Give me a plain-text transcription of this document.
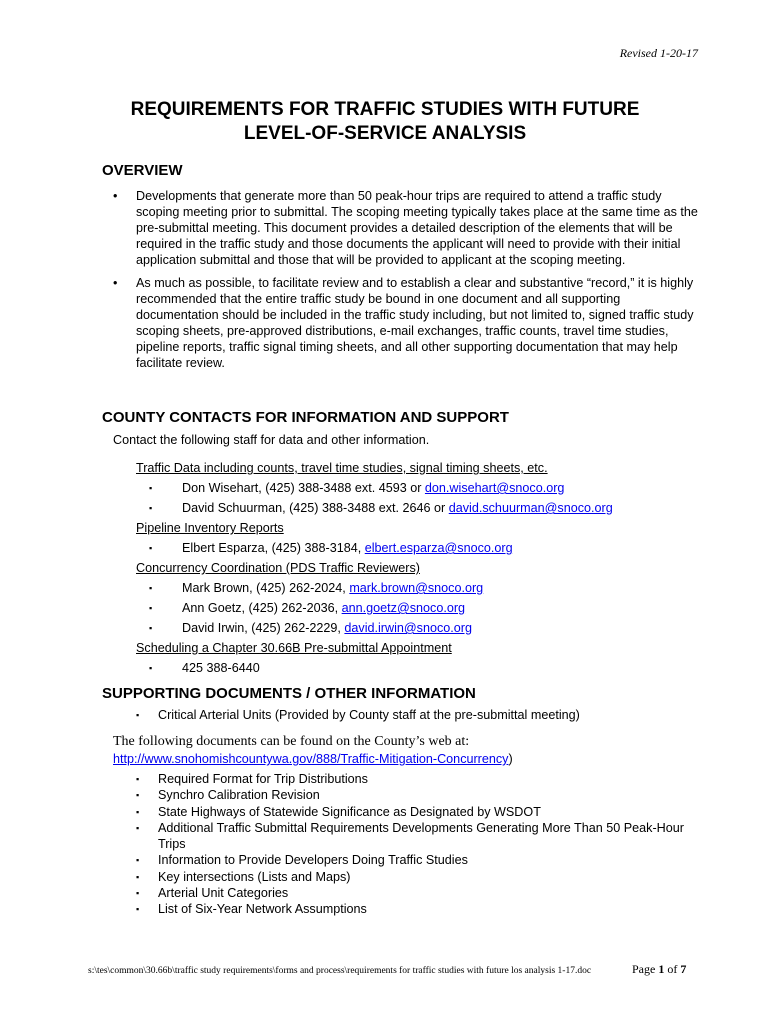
Revised 1-20-17
REQUIREMENTS FOR TRAFFIC STUDIES WITH FUTURE
LEVEL-OF-SERVICE ANALYSIS
OVERVIEW
• Developments that generate more than 50 peak-hour trips are required to attend a traffic study scoping meeting prior to submittal. The scoping meeting typically takes place at the same time as the pre-submittal meeting. This document provides a detailed description of the elements that will be required in the traffic study and those documents the applicant will need to provide with their initial application submittal and those that will be provided to applicant at the scoping meeting.
• As much as possible, to facilitate review and to establish a clear and substantive “record,” it is highly recommended that the entire traffic study be bound in one document and all supporting documentation should be included in the traffic study including, but not limited to, signed traffic study scoping sheets, pre-approved distributions, e-mail exchanges, traffic counts, travel time studies, pipeline reports, traffic signal timing sheets, and all other supporting documentation that may help facilitate review.
COUNTY CONTACTS FOR INFORMATION AND SUPPORT
Contact the following staff for data and other information.
Traffic Data including counts, travel time studies, signal timing sheets, etc.
▪ Don Wisehart, (425) 388-3488 ext. 4593 or don.wisehart@snoco.org
▪ David Schuurman, (425) 388-3488 ext. 2646 or david.schuurman@snoco.org
Pipeline Inventory Reports
▪ Elbert Esparza, (425) 388-3184, elbert.esparza@snoco.org
Concurrency Coordination (PDS Traffic Reviewers)
▪ Mark Brown, (425) 262-2024, mark.brown@snoco.org
▪ Ann Goetz, (425) 262-2036, ann.goetz@snoco.org
▪ David Irwin, (425) 262-2229, david.irwin@snoco.org
Scheduling a Chapter 30.66B Pre-submittal Appointment
▪ 425 388-6440
SUPPORTING DOCUMENTS / OTHER INFORMATION
▪ Critical Arterial Units (Provided by County staff at the pre-submittal meeting)
The following documents can be found on the County’s web at:
http://www.snohomishcountywa.gov/888/Traffic-Mitigation-Concurrency)
▪ Required Format for Trip Distributions
▪ Synchro Calibration Revision
▪ State Highways of Statewide Significance as Designated by WSDOT
▪ Additional Traffic Submittal Requirements Developments Generating More Than 50 Peak-Hour Trips
▪ Information to Provide Developers Doing Traffic Studies
▪ Key intersections (Lists and Maps)
▪ Arterial Unit Categories
▪ List of Six-Year Network Assumptions
s:\tes\common\30.66b\traffic study requirements\forms and process\requirements for traffic studies with future los analysis 1-17.doc	Page 1 of 7
